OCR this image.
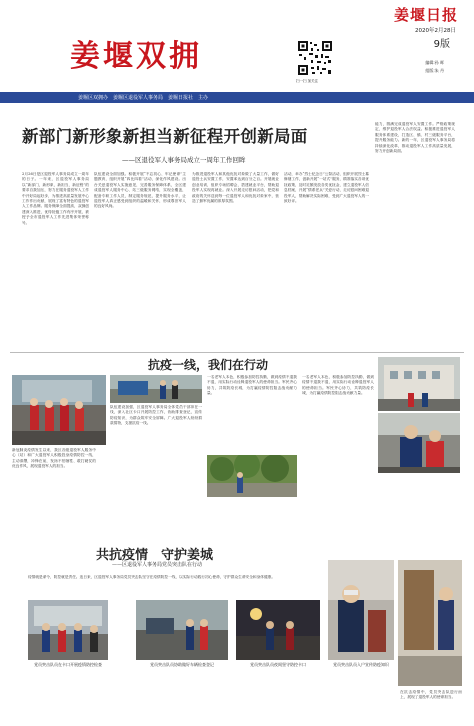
姜堰日报
2020年2月28日
9版
编辑:孙 晖
组版:朱 丹
姜堰双拥
扫一扫 加关注
姜堰区双拥办　姜堰区退役军人事务局　姜堰日报社　主办
新部门新形象新担当新征程开创新局面
——区退役军人事务局成立一周年工作回眸
2月26日是区退役军人事务局成立一周年的日子。一年来，区退役军人事务局以“新部门，新形象，新担当，新征程”的要求自我加压，努力在服务退役军人工作中开好局起好步，为推进高质量发展中心工作作出贡献，展现了富有特色的退役军人工作品牌。服务保障全面提高，双拥创建深入推进，优待抚恤工作有序开展，被授予全市退役军人工作先进集体荣誉称号。
队伍建设全面加强。积极开展“不忘初心、牢记使命”主题教育，组织开展“四比四看”活动，深化作风建设。出台关爱退役军人实施意见，完善服务保障体系，全区建成退役军人服务中心、站三级服务网络，实现全覆盖，配备专职工作人员，制定服务规范，提升服务水平，让退役军人真正感受到组织的温暖和关怀，形成尊崇军人的良好风尚。
为推进退役军人和其他优抚对象做了大量工作，做好退役士兵安置工作，安置率达到百分之百。开展就业创业培训，组织专场招聘会，搭建就业平台，帮助退役军人实现再就业。深入开展走访慰问活动，把党和政府的关怀送到每一位退役军人和优抚对象家中，营造了拥军优属的浓厚氛围。
活动，举办“烈士纪念日”公祭活动，组织开展烈士墓修缮工作，创新开展“一站式”服务，精准落实各项优抚政策，及时足额发放各类优抚金，建立退役军人信息档案，开展“情系老兵”关爱行动，走访慰问困难退役军人，帮助解决实际困难，受到广大退役军人的一致好评。
能力，圆满完成退役军人安置工作。严格政策规定，维护退役军人合法权益。积极推进退役军人服务体系建设，打造区、镇、村三级服务平台，提升服务能力。新的一年，区退役军人事务局将持续深化改革，推动退役军人工作高质量发展，努力开创新局面。
抗疫一线，我们在行动
新冠肺炎疫情发生以来，我区各级退役军人服务中心（站）和广大退役军人积极投身疫情防控一线，主动请缨，冲锋在前，发扬不怕牺牲、敢打硬仗的优良作风，展现退役军人的担当。
队伍建设加强，区退役军人事务局全体党员干部冲在一线，深入社区卡口开展防控工作，协助排查登记，宣传防疫知识，为群众筑牢安全屏障。广大退役军人纷纷捐款捐物，支援抗疫一线。
一名老军人本色，积极参加防控执勤，做到疫情不退我不退，用实际行动诠释退役军人的使命担当。军民齐心协力，共筑防疫长城，为打赢疫情防控阻击战贡献力量。
一名老军人本色，积极参加防控执勤，做到疫情不退我不退，用实际行动诠释退役军人的使命担当。军民齐心协力，共筑防疫长城，为打赢疫情防控阻击战贡献力量。
共抗疫情　守护姜城
——区退役军人事务局党员突击队在行动
疫情就是命令，防控就是责任。连日来，区退役军人事务局党员突击队坚守在疫情防控一线，以实际行动践行初心使命，守护群众生命安全和身体健康。
党员突击队员在卡口开展疫情防控检查	党员突击队员协助做好车辆检查登记	党员突击队员夜间坚守防控卡口	党员突击队员入户宣传防疫知识
在抗击疫情中，党员突击队逆行而上，展现了退役军人的使命担当。
